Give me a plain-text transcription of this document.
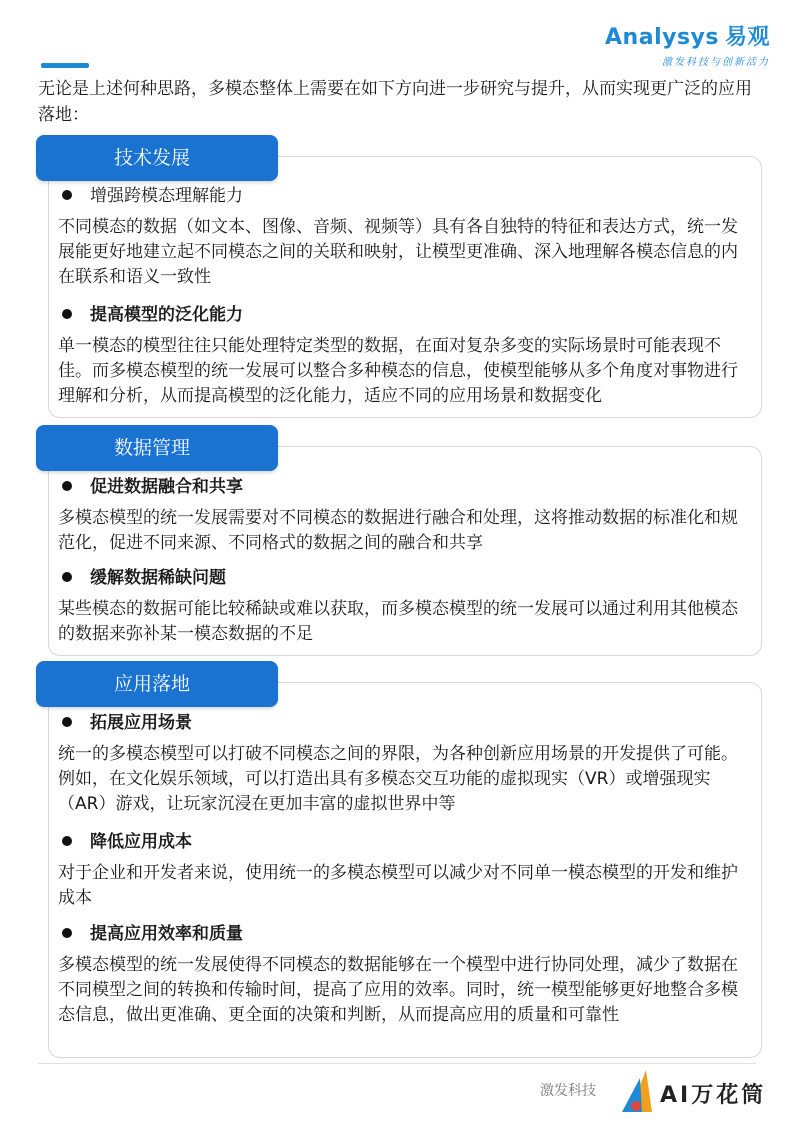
Analysys 易观
激发科技与创新活力
无论是上述何种思路，多模态整体上需要在如下方向进一步研究与提升，从而实现更广泛的应用落地：
技术发展
增强跨模态理解能力
不同模态的数据（如文本、图像、音频、视频等）具有各自独特的特征和表达方式，统一发展能更好地建立起不同模态之间的关联和映射，让模型更准确、深入地理解各模态信息的内在联系和语义一致性
提高模型的泛化能力
单一模态的模型往往只能处理特定类型的数据，在面对复杂多变的实际场景时可能表现不佳。而多模态模型的统一发展可以整合多种模态的信息，使模型能够从多个角度对事物进行理解和分析，从而提高模型的泛化能力，适应不同的应用场景和数据变化
数据管理
促进数据融合和共享
多模态模型的统一发展需要对不同模态的数据进行融合和处理，这将推动数据的标准化和规范化，促进不同来源、不同格式的数据之间的融合和共享
缓解数据稀缺问题
某些模态的数据可能比较稀缺或难以获取，而多模态模型的统一发展可以通过利用其他模态的数据来弥补某一模态数据的不足
应用落地
拓展应用场景
统一的多模态模型可以打破不同模态之间的界限，为各种创新应用场景的开发提供了可能。例如，在文化娱乐领域，可以打造出具有多模态交互功能的虚拟现实（VR）或增强现实（AR）游戏，让玩家沉浸在更加丰富的虚拟世界中等
降低应用成本
对于企业和开发者来说，使用统一的多模态模型可以减少对不同单一模态模型的开发和维护成本
提高应用效率和质量
多模态模型的统一发展使得不同模态的数据能够在一个模型中进行协同处理，减少了数据在不同模型之间的转换和传输时间，提高了应用的效率。同时，统一模型能够更好地整合多模态信息，做出更准确、更全面的决策和判断，从而提高应用的质量和可靠性
激发科技	AI万花筒
